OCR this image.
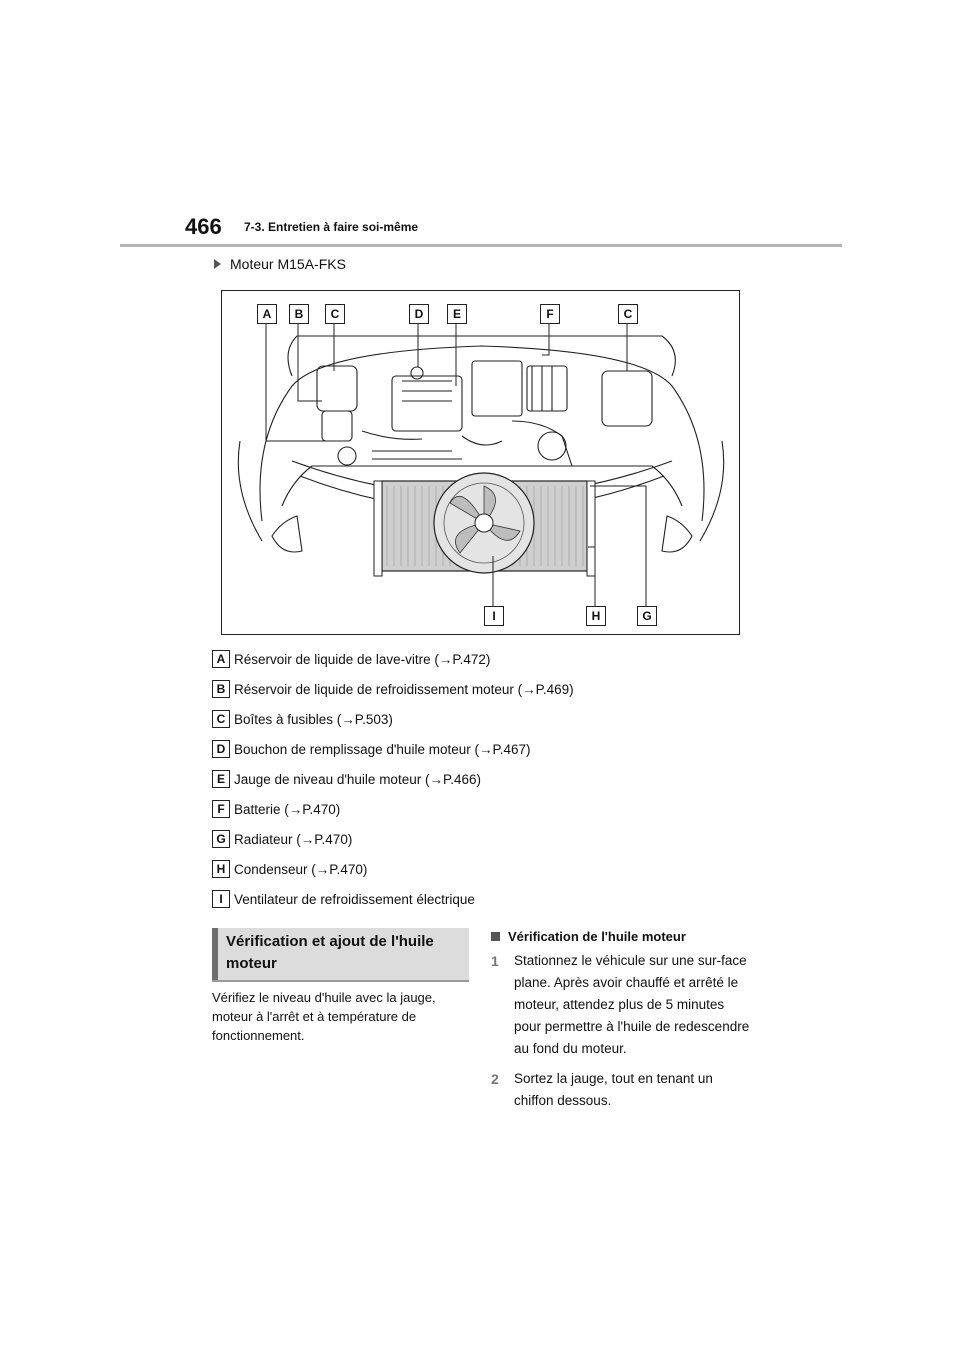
466 7-3. Entretien à faire soi-même
Moteur M15A-FKS
A	B	C	D	E	F	C
I	H	G
A Réservoir de liquide de lave-vitre (→P.472)
B Réservoir de liquide de refroidissement moteur (→P.469)
C Boîtes à fusibles (→P.503)
D Bouchon de remplissage d'huile moteur (→P.467)
E Jauge de niveau d'huile moteur (→P.466)
F Batterie (→P.470)
G Radiateur (→P.470)
H Condenseur (→P.470)
I Ventilateur de refroidissement électrique
Vérification et ajout de l'huile moteur
Vérifiez le niveau d'huile avec la jauge, moteur à l'arrêt et à température de fonctionnement.
Vérification de l'huile moteur
1	Stationnez le véhicule sur une sur-face plane. Après avoir chauffé et arrêté le moteur, attendez plus de 5 minutes pour permettre à l'huile de redescendre au fond du moteur.
2	Sortez la jauge, tout en tenant un chiffon dessous.
